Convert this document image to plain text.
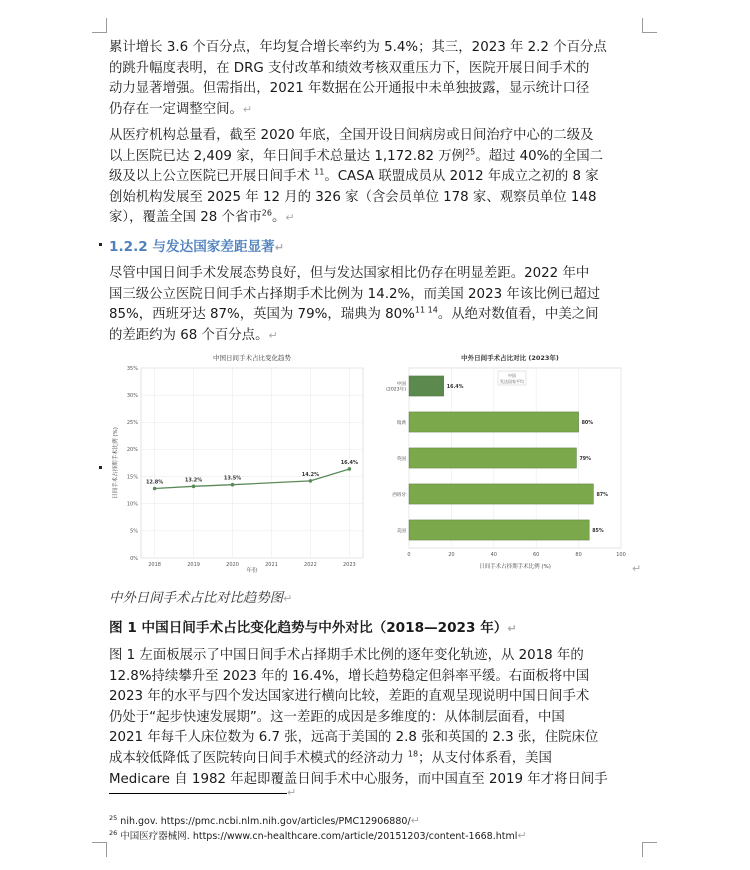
累计增长 3.6 个百分点，年均复合增长率约为 5.4%；其三，2023 年 2.2 个百分点
的跳升幅度表明，在 DRG 支付改革和绩效考核双重压力下，医院开展日间手术的
动力显著增强。但需指出，2021 年数据在公开通报中未单独披露，显示统计口径
仍存在一定调整空间。↵
从医疗机构总量看，截至 2020 年底，全国开设日间病房或日间治疗中心的二级及
以上医院已达 2,409 家，年日间手术总量达 1,172.82 万例$^{25}$。超过 40%的全国二
级及以上公立医院已开展日间手术 $^{11}$。CASA 联盟成员从 2012 年成立之初的 8 家
创始机构发展至 2025 年 12 月的 326 家（含会员单位 178 家、观察员单位 148
家），覆盖全国 28 个省市$^{26}$。↵
1.2.2 与发达国家差距显著↵
尽管中国日间手术发展态势良好，但与发达国家相比仍存在明显差距。2022 年中
国三级公立医院日间手术占择期手术比例为 14.2%，而美国 2023 年该比例已超过
85%，西班牙达 87%，英国为 79%，瑞典为 80%$^{11 14}$。从绝对数值看，中美之间
的差距约为 68 个百分点。↵
中国日间手术占比变化趋势
0%
5%
10%
15%
20%
25%
30%
35%
2018	2019	2020	2021	2022	2023
日间手术占择期手术比例 (%)
年份
12.8%	13.2%	13.5%
14.2%
16.4%
中外日间手术占比对比 (2023年)
0	20	40	60	80	100
中国(2023年)
16.4%
瑞典	80%
英国	79%
西班牙	87%
美国	85%
中国
发达国家平均
日间手术占择期手术比例 (%)	↵
中外日间手术占比对比趋势图↵
图 1 中国日间手术占比变化趋势与中外对比（2018—2023 年）↵
图 1 左面板展示了中国日间手术占择期手术比例的逐年变化轨迹，从 2018 年的
12.8%持续攀升至 2023 年的 16.4%，增长趋势稳定但斜率平缓。右面板将中国
2023 年的水平与四个发达国家进行横向比较，差距的直观呈现说明中国日间手术
仍处于“起步快速发展期”。这一差距的成因是多维度的：从体制层面看，中国
2021 年每千人床位数为 6.7 张，远高于美国的 2.8 张和英国的 2.3 张，住院床位
成本较低降低了医院转向日间手术模式的经济动力 $^{18}$；从支付体系看，美国
Medicare 自 1982 年起即覆盖日间手术中心服务，而中国直至 2019 年才将日间手
↵
$^{25}$ nih.gov. https://pmc.ncbi.nlm.nih.gov/articles/PMC12906880/↵
$^{26}$ 中国医疗器械网. https://www.cn-healthcare.com/article/20151203/content-1668.html↵
